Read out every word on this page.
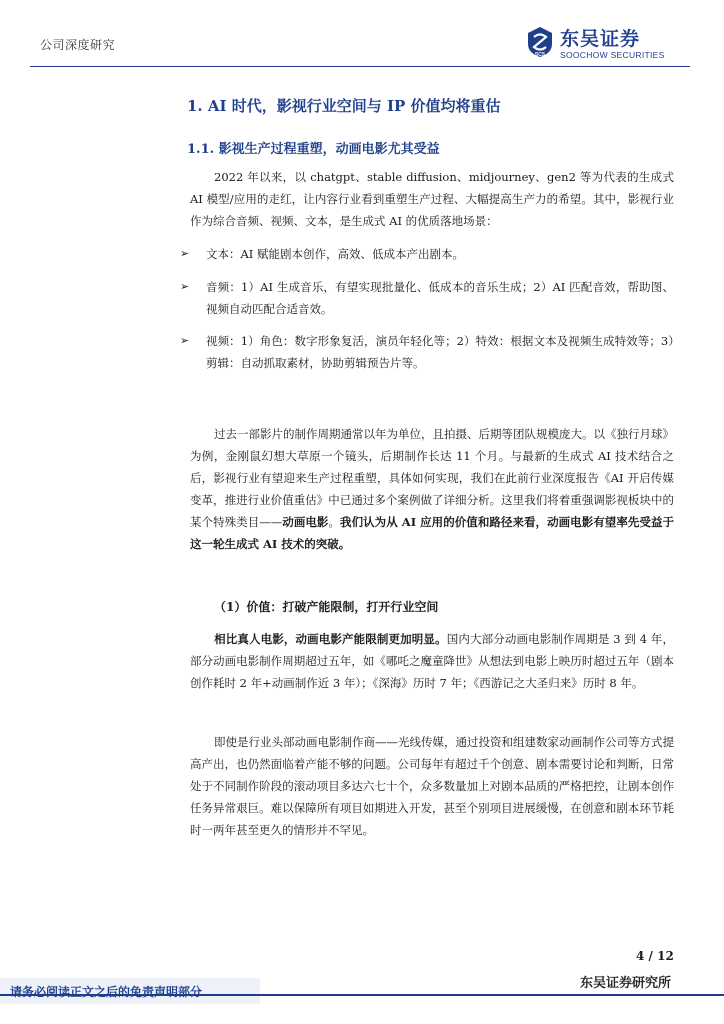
公司深度研究
SCS
东吴证券
SOOCHOW SECURITIES
1. AI 时代，影视行业空间与 IP 价值均将重估
1.1. 影视生产过程重塑，动画电影尤其受益
2022 年以来，以 chatgpt、stable diffusion、midjourney、gen2 等为代表的生成式 AI 模型/应用的走红，让内容行业看到重塑生产过程、大幅提高生产力的希望。其中，影视行业作为综合音频、视频、文本，是生成式 AI 的优质落地场景：
➢	文本：AI 赋能剧本创作，高效、低成本产出剧本。
➢	音频：1）AI 生成音乐，有望实现批量化、低成本的音乐生成；2）AI 匹配音效，帮助图、视频自动匹配合适音效。
➢	视频：1）角色：数字形象复活，演员年轻化等；2）特效：根据文本及视频生成特效等；3）剪辑：自动抓取素材，协助剪辑预告片等。
过去一部影片的制作周期通常以年为单位，且拍摄、后期等团队规模庞大。以《独行月球》为例，金刚鼠幻想大草原一个镜头，后期制作长达 11 个月。与最新的生成式 AI 技术结合之后，影视行业有望迎来生产过程重塑，具体如何实现，我们在此前行业深度报告《AI 开启传媒变革，推进行业价值重估》中已通过多个案例做了详细分析。这里我们将着重强调影视板块中的某个特殊类目——动画电影。我们认为从 AI 应用的价值和路径来看，动画电影有望率先受益于这一轮生成式 AI 技术的突破。
（1）价值：打破产能限制，打开行业空间
相比真人电影，动画电影产能限制更加明显。国内大部分动画电影制作周期是 3 到 4 年，部分动画电影制作周期超过五年，如《哪吒之魔童降世》从想法到电影上映历时超过五年（剧本创作耗时 2 年+动画制作近 3 年）；《深海》历时 7 年；《西游记之大圣归来》历时 8 年。
即使是行业头部动画电影制作商——光线传媒，通过投资和组建数家动画制作公司等方式提高产出，也仍然面临着产能不够的问题。公司每年有超过千个创意、剧本需要讨论和判断，日常处于不同制作阶段的滚动项目多达六七十个，众多数量加上对剧本品质的严格把控，让剧本创作任务异常艰巨。难以保障所有项目如期进入开发，甚至个别项目进展缓慢，在创意和剧本环节耗时一两年甚至更久的情形并不罕见。
4 / 12
东吴证券研究所
请务必阅读正文之后的免责声明部分
